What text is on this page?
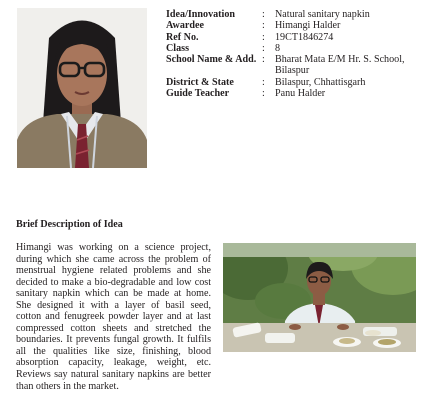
Idea/Innovation	:	Natural sanitary napkin
Awardee	:	Himangi Halder
Ref No.	:	19CT1846274
Class	:	8
School Name & Add. :	Bharat Mata E/M Hr. S. School, Bilaspur
District & State	:	Bilaspur, Chhattisgarh
Guide Teacher	:	Panu Halder
Brief Description of Idea
Himangi was working on a science project, during which she came across the problem of menstrual hygiene related problems and she decided to make a bio-degradable and low cost sanitary napkin which can be made at home. She designed it with a layer of basil seed, cotton and fenugreek powder layer and at last compressed cotton sheets and stretched the boundaries. It prevents fungal growth. It fulfils all the qualities like size, finishing, blood absorption capacity, leakage, weight, etc. Reviews say natural sanitary napkins are better than others in the market.
